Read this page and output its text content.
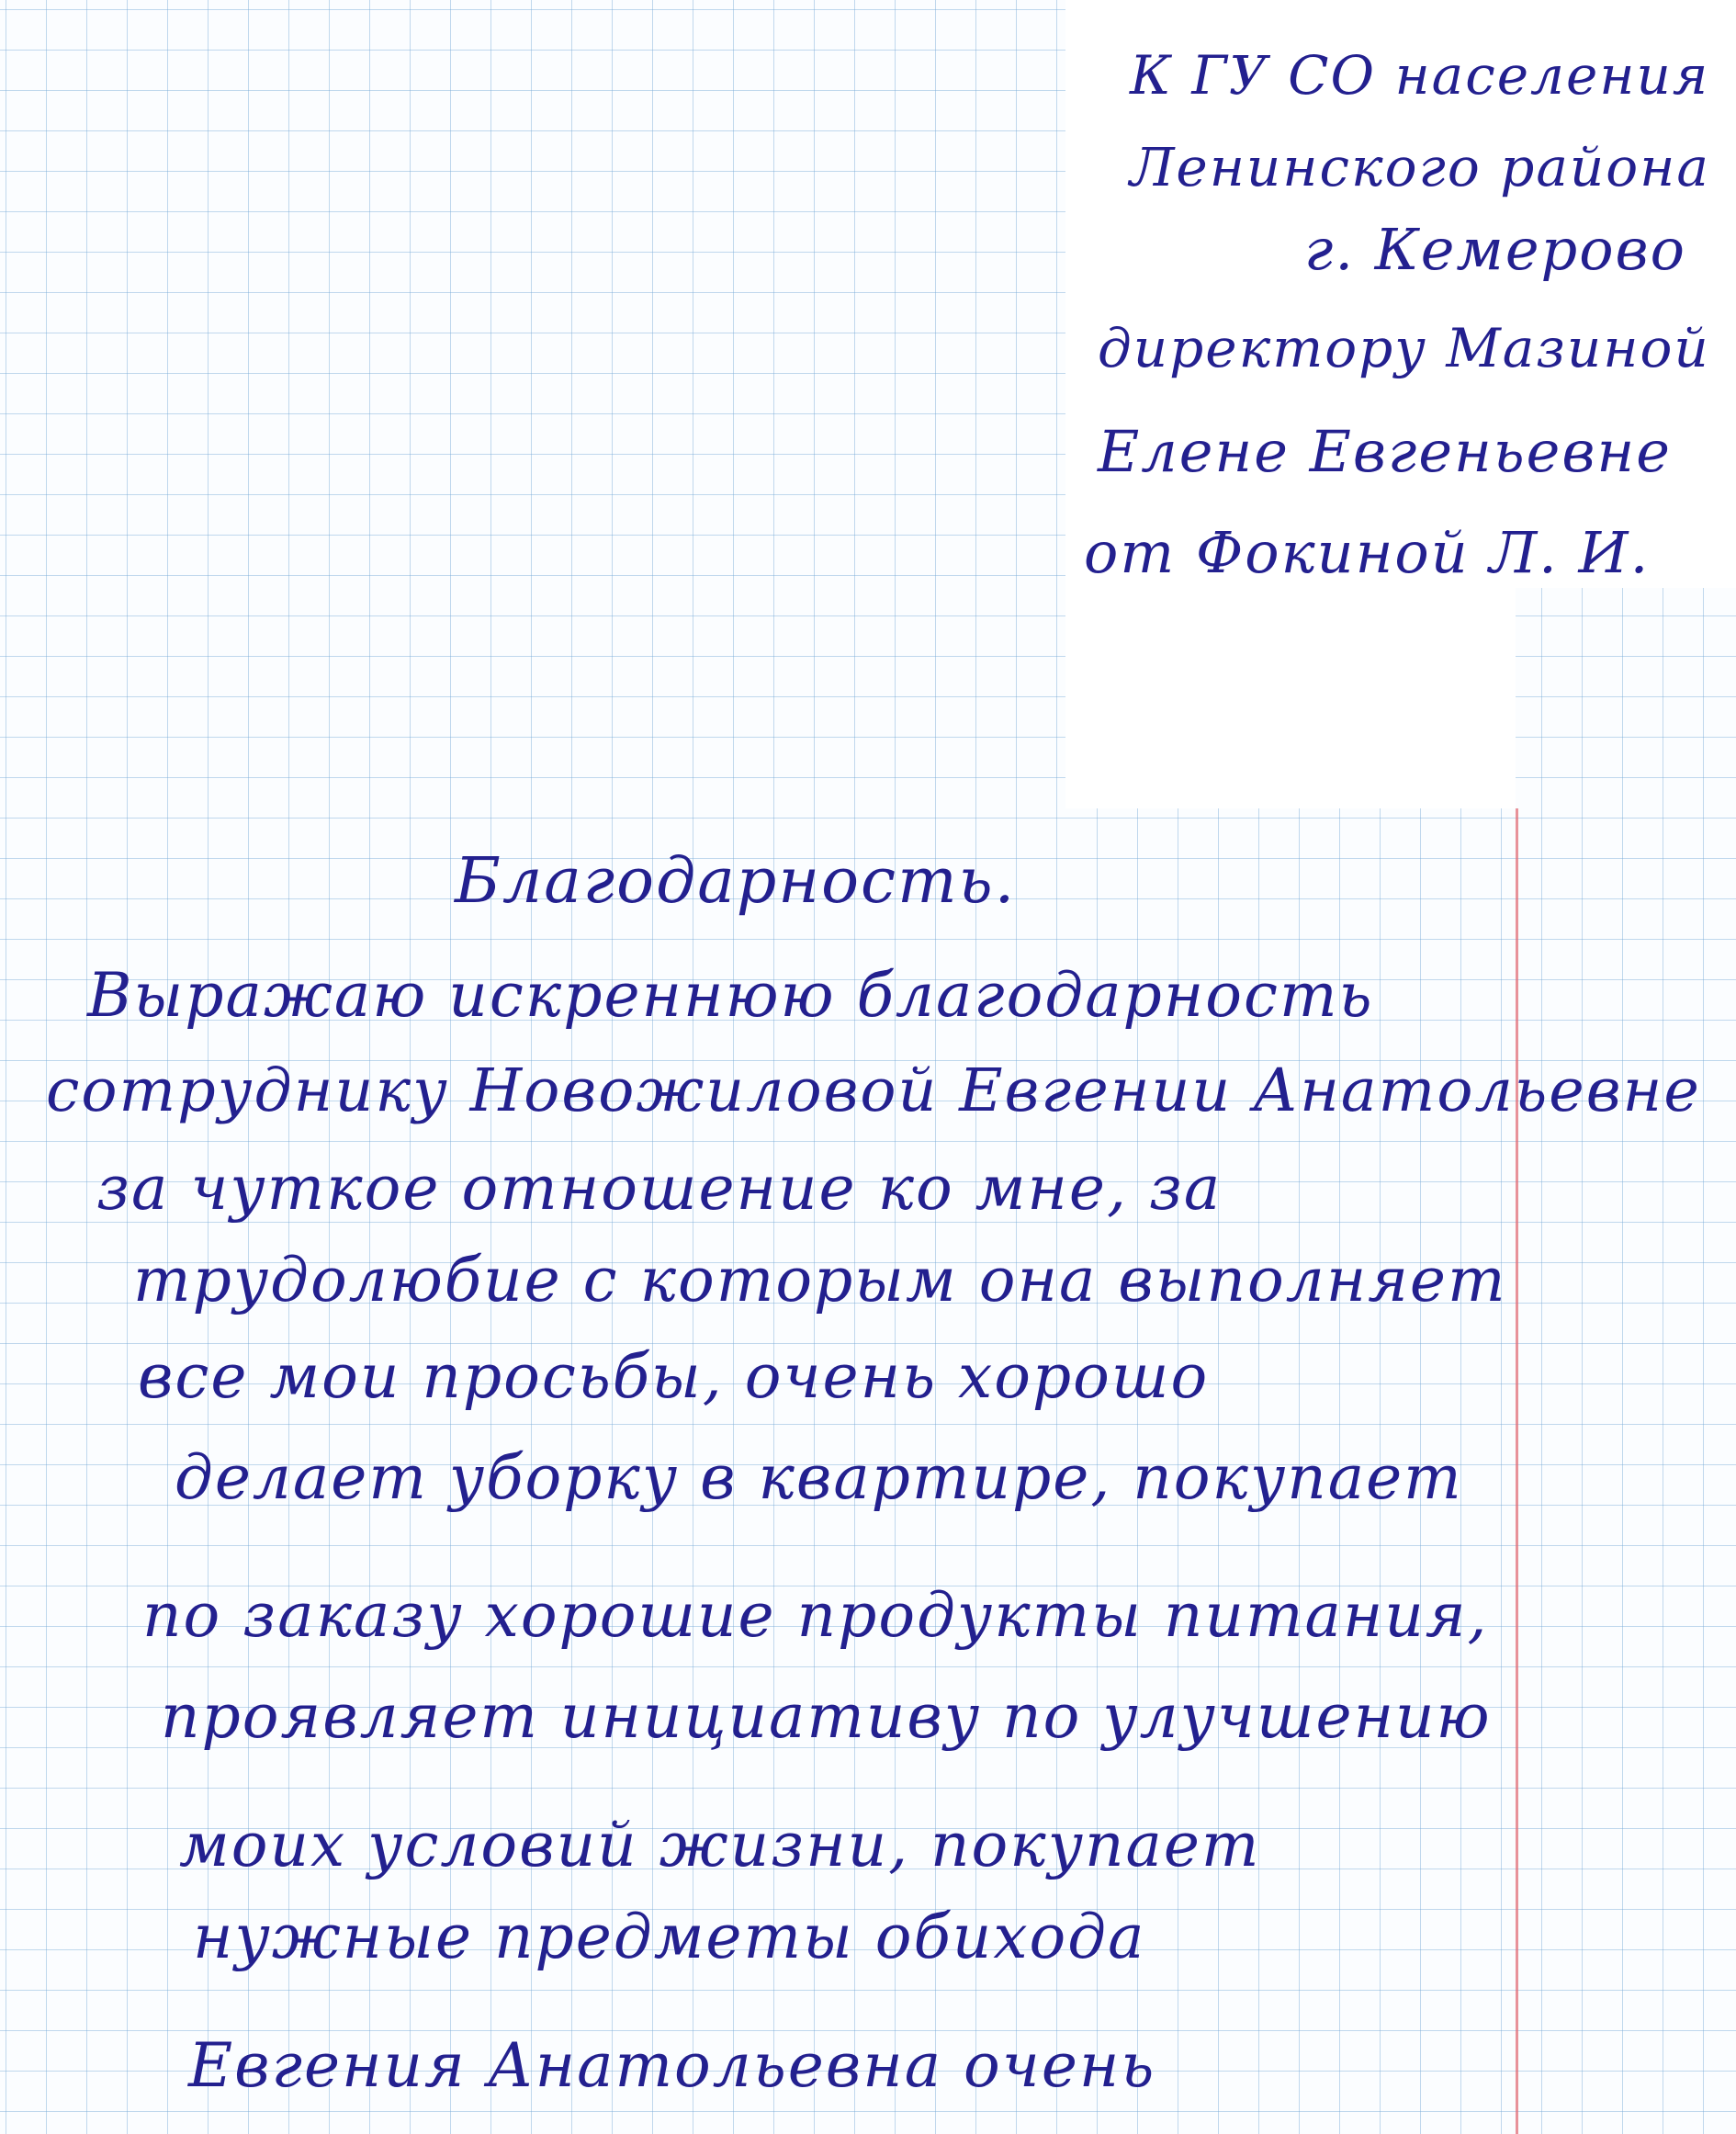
К ГУ СО населения
Ленинского района
г. Кемерово
директору Мазиной
Елене Евгеньевне
от Фокиной Л. И.
Благодарность.
Выражаю искреннюю благодарность
сотруднику Новожиловой Евгении Анатольевне
за чуткое отношение ко мне, за
трудолюбие с которым она выполняет
все мои просьбы, очень хорошо
делает уборку в квартире, покупает
по заказу хорошие продукты питания,
проявляет инициативу по улучшению
моих условий жизни, покупает
нужные предметы обихода
Евгения Анатольевна очень
